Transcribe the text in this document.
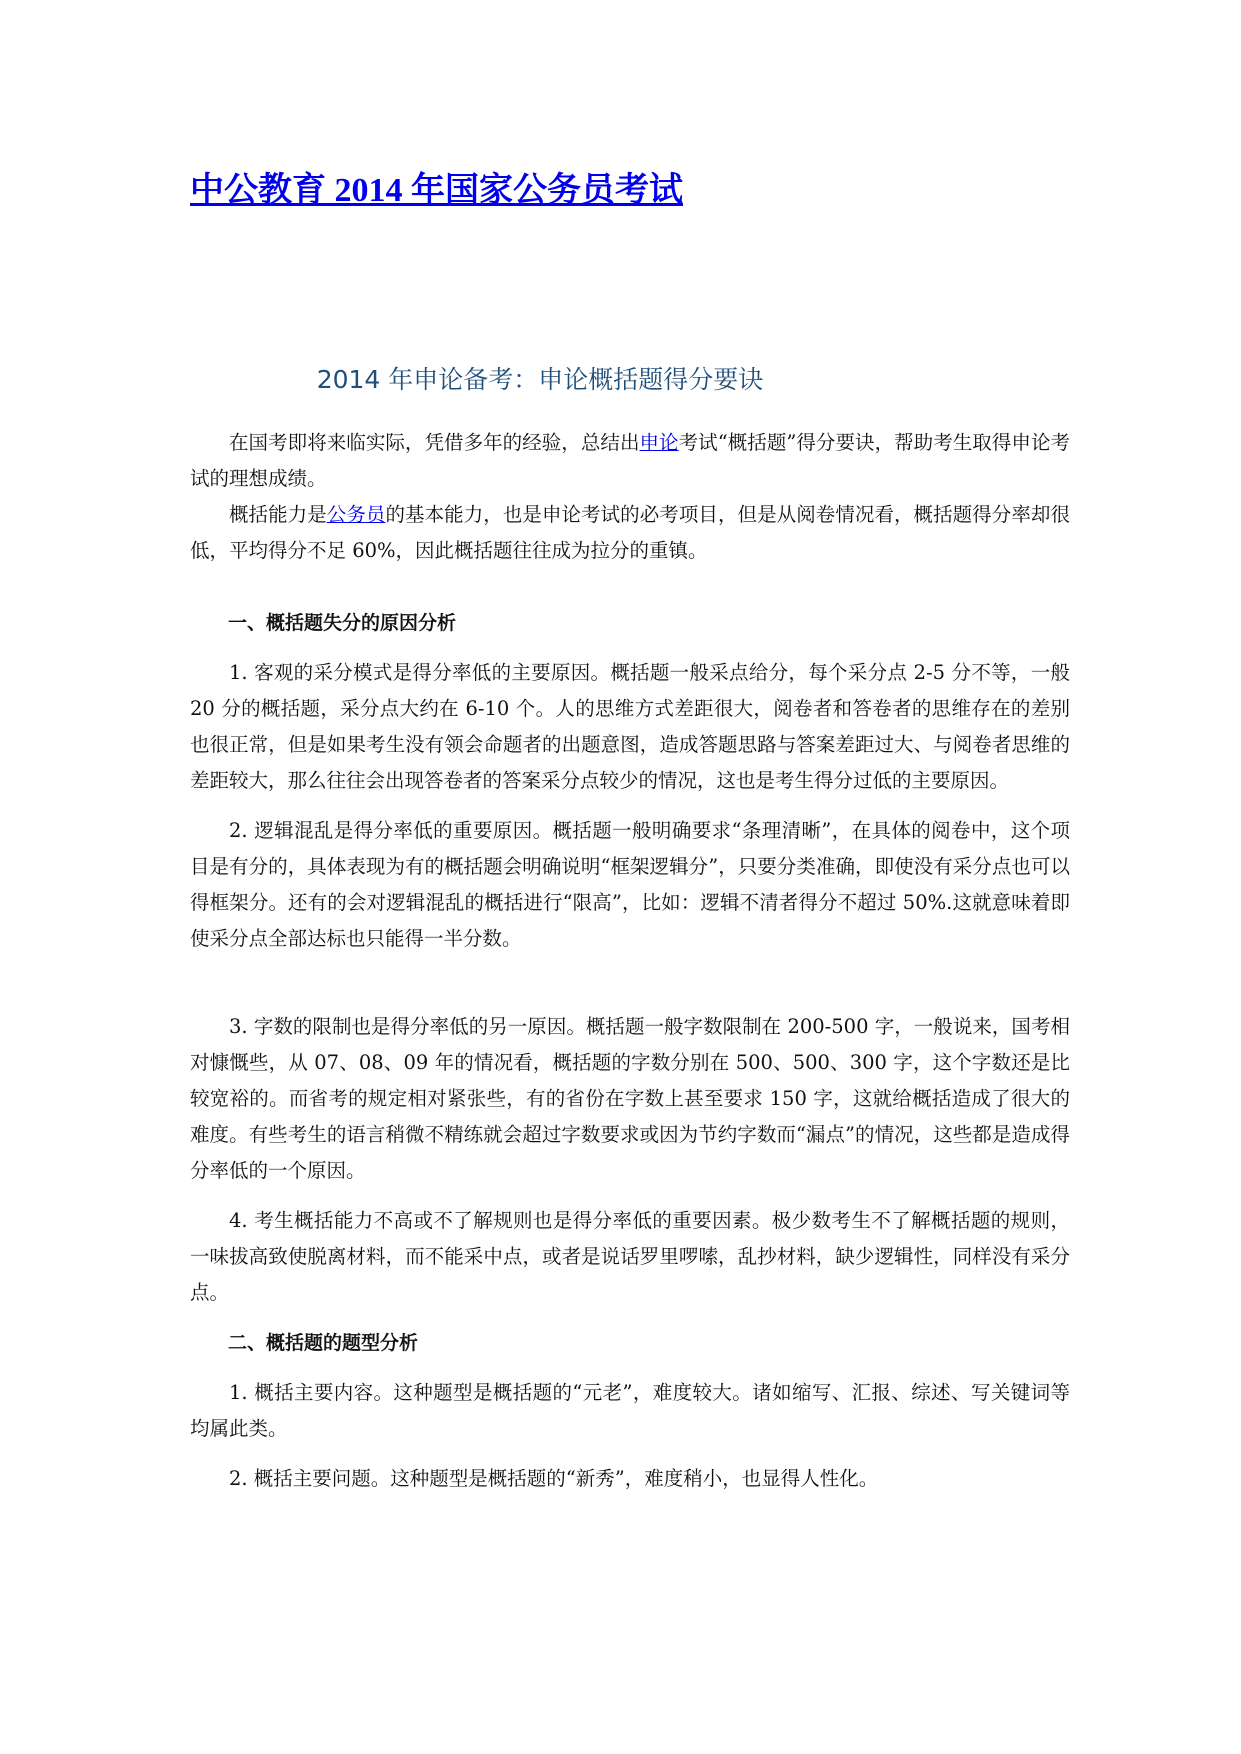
中公教育 2014 年国家公务员考试
2014 年申论备考：申论概括题得分要诀

在国考即将来临实际，凭借多年的经验，总结出申论考试“概括题”得分要诀，帮助考生取得申论考试的理想成绩。

概括能力是公务员的基本能力，也是申论考试的必考项目，但是从阅卷情况看，概括题得分率却很低，平均得分不足 60%，因此概括题往往成为拉分的重镇。

一、概括题失分的原因分析

1. 客观的采分模式是得分率低的主要原因。概括题一般采点给分，每个采分点 2-5 分不等，一般 20 分的概括题，采分点大约在 6-10 个。人的思维方式差距很大，阅卷者和答卷者的思维存在的差别也很正常，但是如果考生没有领会命题者的出题意图，造成答题思路与答案差距过大、与阅卷者思维的差距较大，那么往往会出现答卷者的答案采分点较少的情况，这也是考生得分过低的主要原因。

2. 逻辑混乱是得分率低的重要原因。概括题一般明确要求“条理清晰”，在具体的阅卷中，这个项目是有分的，具体表现为有的概括题会明确说明“框架逻辑分”，只要分类准确，即使没有采分点也可以得框架分。还有的会对逻辑混乱的概括进行“限高”，比如：逻辑不清者得分不超过 50%.这就意味着即使采分点全部达标也只能得一半分数。

3. 字数的限制也是得分率低的另一原因。概括题一般字数限制在 200-500 字，一般说来，国考相对慷慨些，从 07、08、09 年的情况看，概括题的字数分别在 500、500、300 字，这个字数还是比较宽裕的。而省考的规定相对紧张些，有的省份在字数上甚至要求 150 字，这就给概括造成了很大的难度。有些考生的语言稍微不精练就会超过字数要求或因为节约字数而“漏点”的情况，这些都是造成得分率低的一个原因。

4. 考生概括能力不高或不了解规则也是得分率低的重要因素。极少数考生不了解概括题的规则，一味拔高致使脱离材料，而不能采中点，或者是说话罗里啰嗦，乱抄材料，缺少逻辑性，同样没有采分点。

二、概括题的题型分析

1. 概括主要内容。这种题型是概括题的“元老”，难度较大。诸如缩写、汇报、综述、写关键词等均属此类。

2. 概括主要问题。这种题型是概括题的“新秀”，难度稍小，也显得人性化。
